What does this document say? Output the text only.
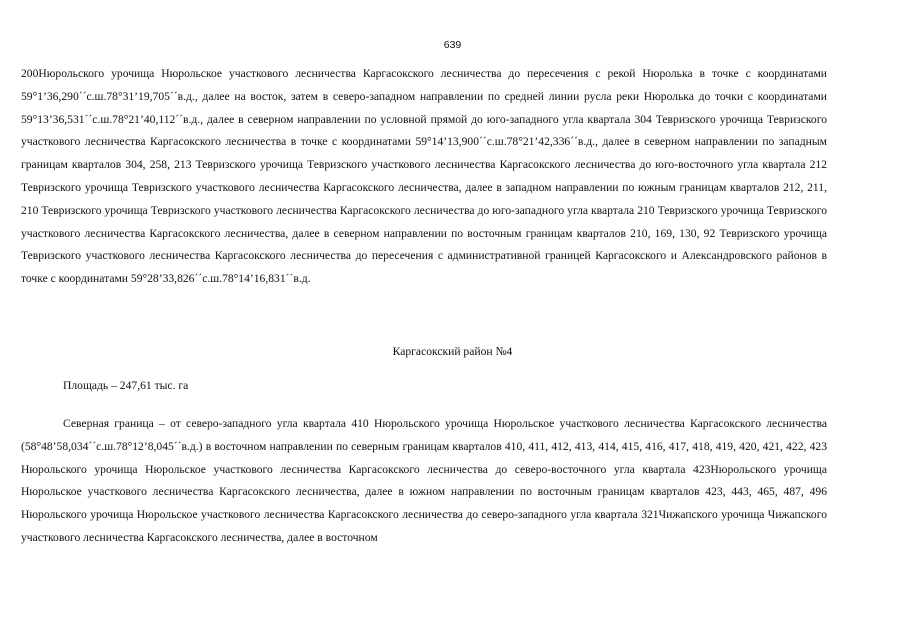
639

200Нюрольского урочища Нюрольское участкового лесничества Каргасокского лесничества до пересечения с рекой Нюролька в точке с координатами 59°1’36,290´´с.ш.78°31’19,705´´в.д., далее на восток, затем в северо-западном направлении по средней линии русла реки Нюролька до точки с координатами 59°13’36,531´´с.ш.78°21’40,112´´в.д., далее в северном направлении по условной прямой до юго-западного угла квартала 304 Тевризского урочища Тевризского участкового лесничества Каргасокского лесничества в точке с координатами 59°14’13,900´´с.ш.78°21’42,336´´в.д., далее в северном направлении по западным границам кварталов 304, 258, 213 Тевризского урочища Тевризского участкового лесничества Каргасокского лесничества до юго-восточного угла квартала 212 Тевризского урочища Тевризского участкового лесничества Каргасокского лесничества, далее в западном направлении по южным границам кварталов 212, 211, 210 Тевризского урочища Тевризского участкового лесничества Каргасокского лесничества до юго-западного угла квартала 210 Тевризского урочища Тевризского участкового лесничества Каргасокского лесничества, далее в северном направлении по восточным границам кварталов 210, 169, 130, 92 Тевризского урочища Тевризского участкового лесничества Каргасокского лесничества до пересечения с административной границей Каргасокского и Александровского районов в точке с координатами 59°28’33,826´´с.ш.78°14’16,831´´в.д.

Каргасокский район №4
Площадь – 247,61 тыс. га

Северная граница – от северо-западного угла квартала 410 Нюрольского урочища Нюрольское участкового лесничества Каргасокского лесничества (58°48’58,034´´с.ш.78°12’8,045´´в.д.) в восточном направлении по северным границам кварталов 410, 411, 412, 413, 414, 415, 416, 417, 418, 419, 420, 421, 422, 423 Нюрольского урочища Нюрольское участкового лесничества Каргасокского лесничества до северо-восточного угла квартала 423Нюрольского урочища Нюрольское участкового лесничества Каргасокского лесничества, далее в южном направлении по восточным границам кварталов 423, 443, 465, 487, 496 Нюрольского урочища Нюрольское участкового лесничества Каргасокского лесничества до северо-западного угла квартала 321Чижапского урочища Чижапского участкового лесничества Каргасокского лесничества, далее в восточном
